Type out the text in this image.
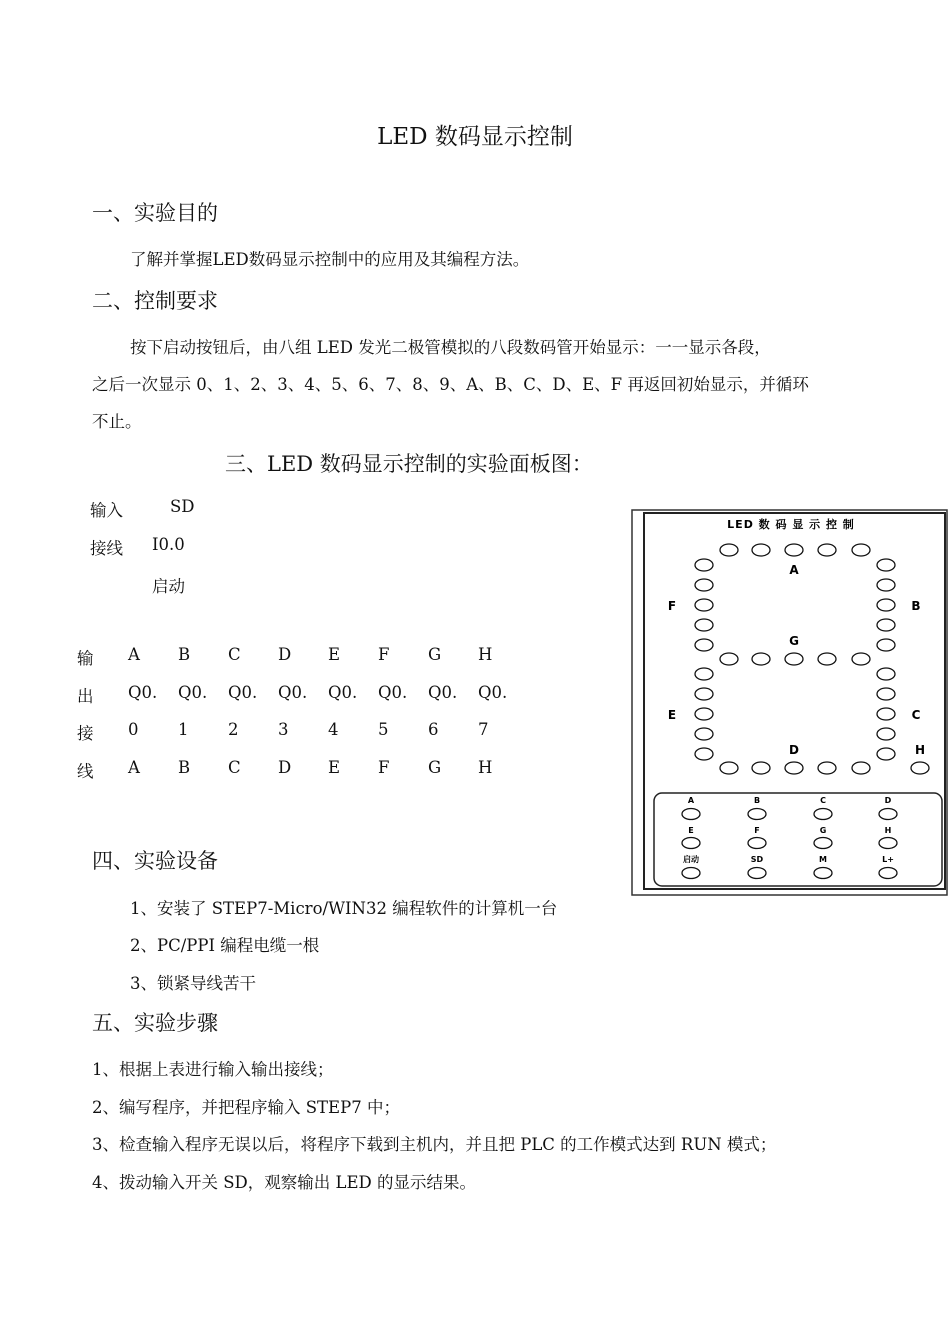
LED 数码显示控制
一、实验目的
了解并掌握LED数码显示控制中的应用及其编程方法。
二、控制要求
按下启动按钮后，由八组 LED 发光二极管模拟的八段数码管开始显示：一一显示各段，
之后一次显示 0、1、2、3、4、5、6、7、8、9、A、B、C、D、E、F 再返回初始显示，并循环
不止。
三、LED 数码显示控制的实验面板图：
输入	SD
接线 I0.0
启动
输 A B C D E F G H
出 Q0. Q0. Q0. Q0. Q0. Q0. Q0. Q0.
接 0 1 2 3 4 5 6 7
线 A B C D E F G H
LED 数 码 显 示 控 制
A
B
C
D
E
F
G
H
A	B	C	D
E	F	G	H
启动	SD	M	L+
四、实验设备
1、安装了 STEP7-Micro/WIN32 编程软件的计算机一台
2、PC/PPI 编程电缆一根
3、锁紧导线苦干
五、实验步骤
1、根据上表进行输入输出接线；
2、编写程序，并把程序输入 STEP7 中；
3、检查输入程序无误以后，将程序下载到主机内，并且把 PLC 的工作模式达到 RUN 模式；
4、拨动输入开关 SD，观察输出 LED 的显示结果。
